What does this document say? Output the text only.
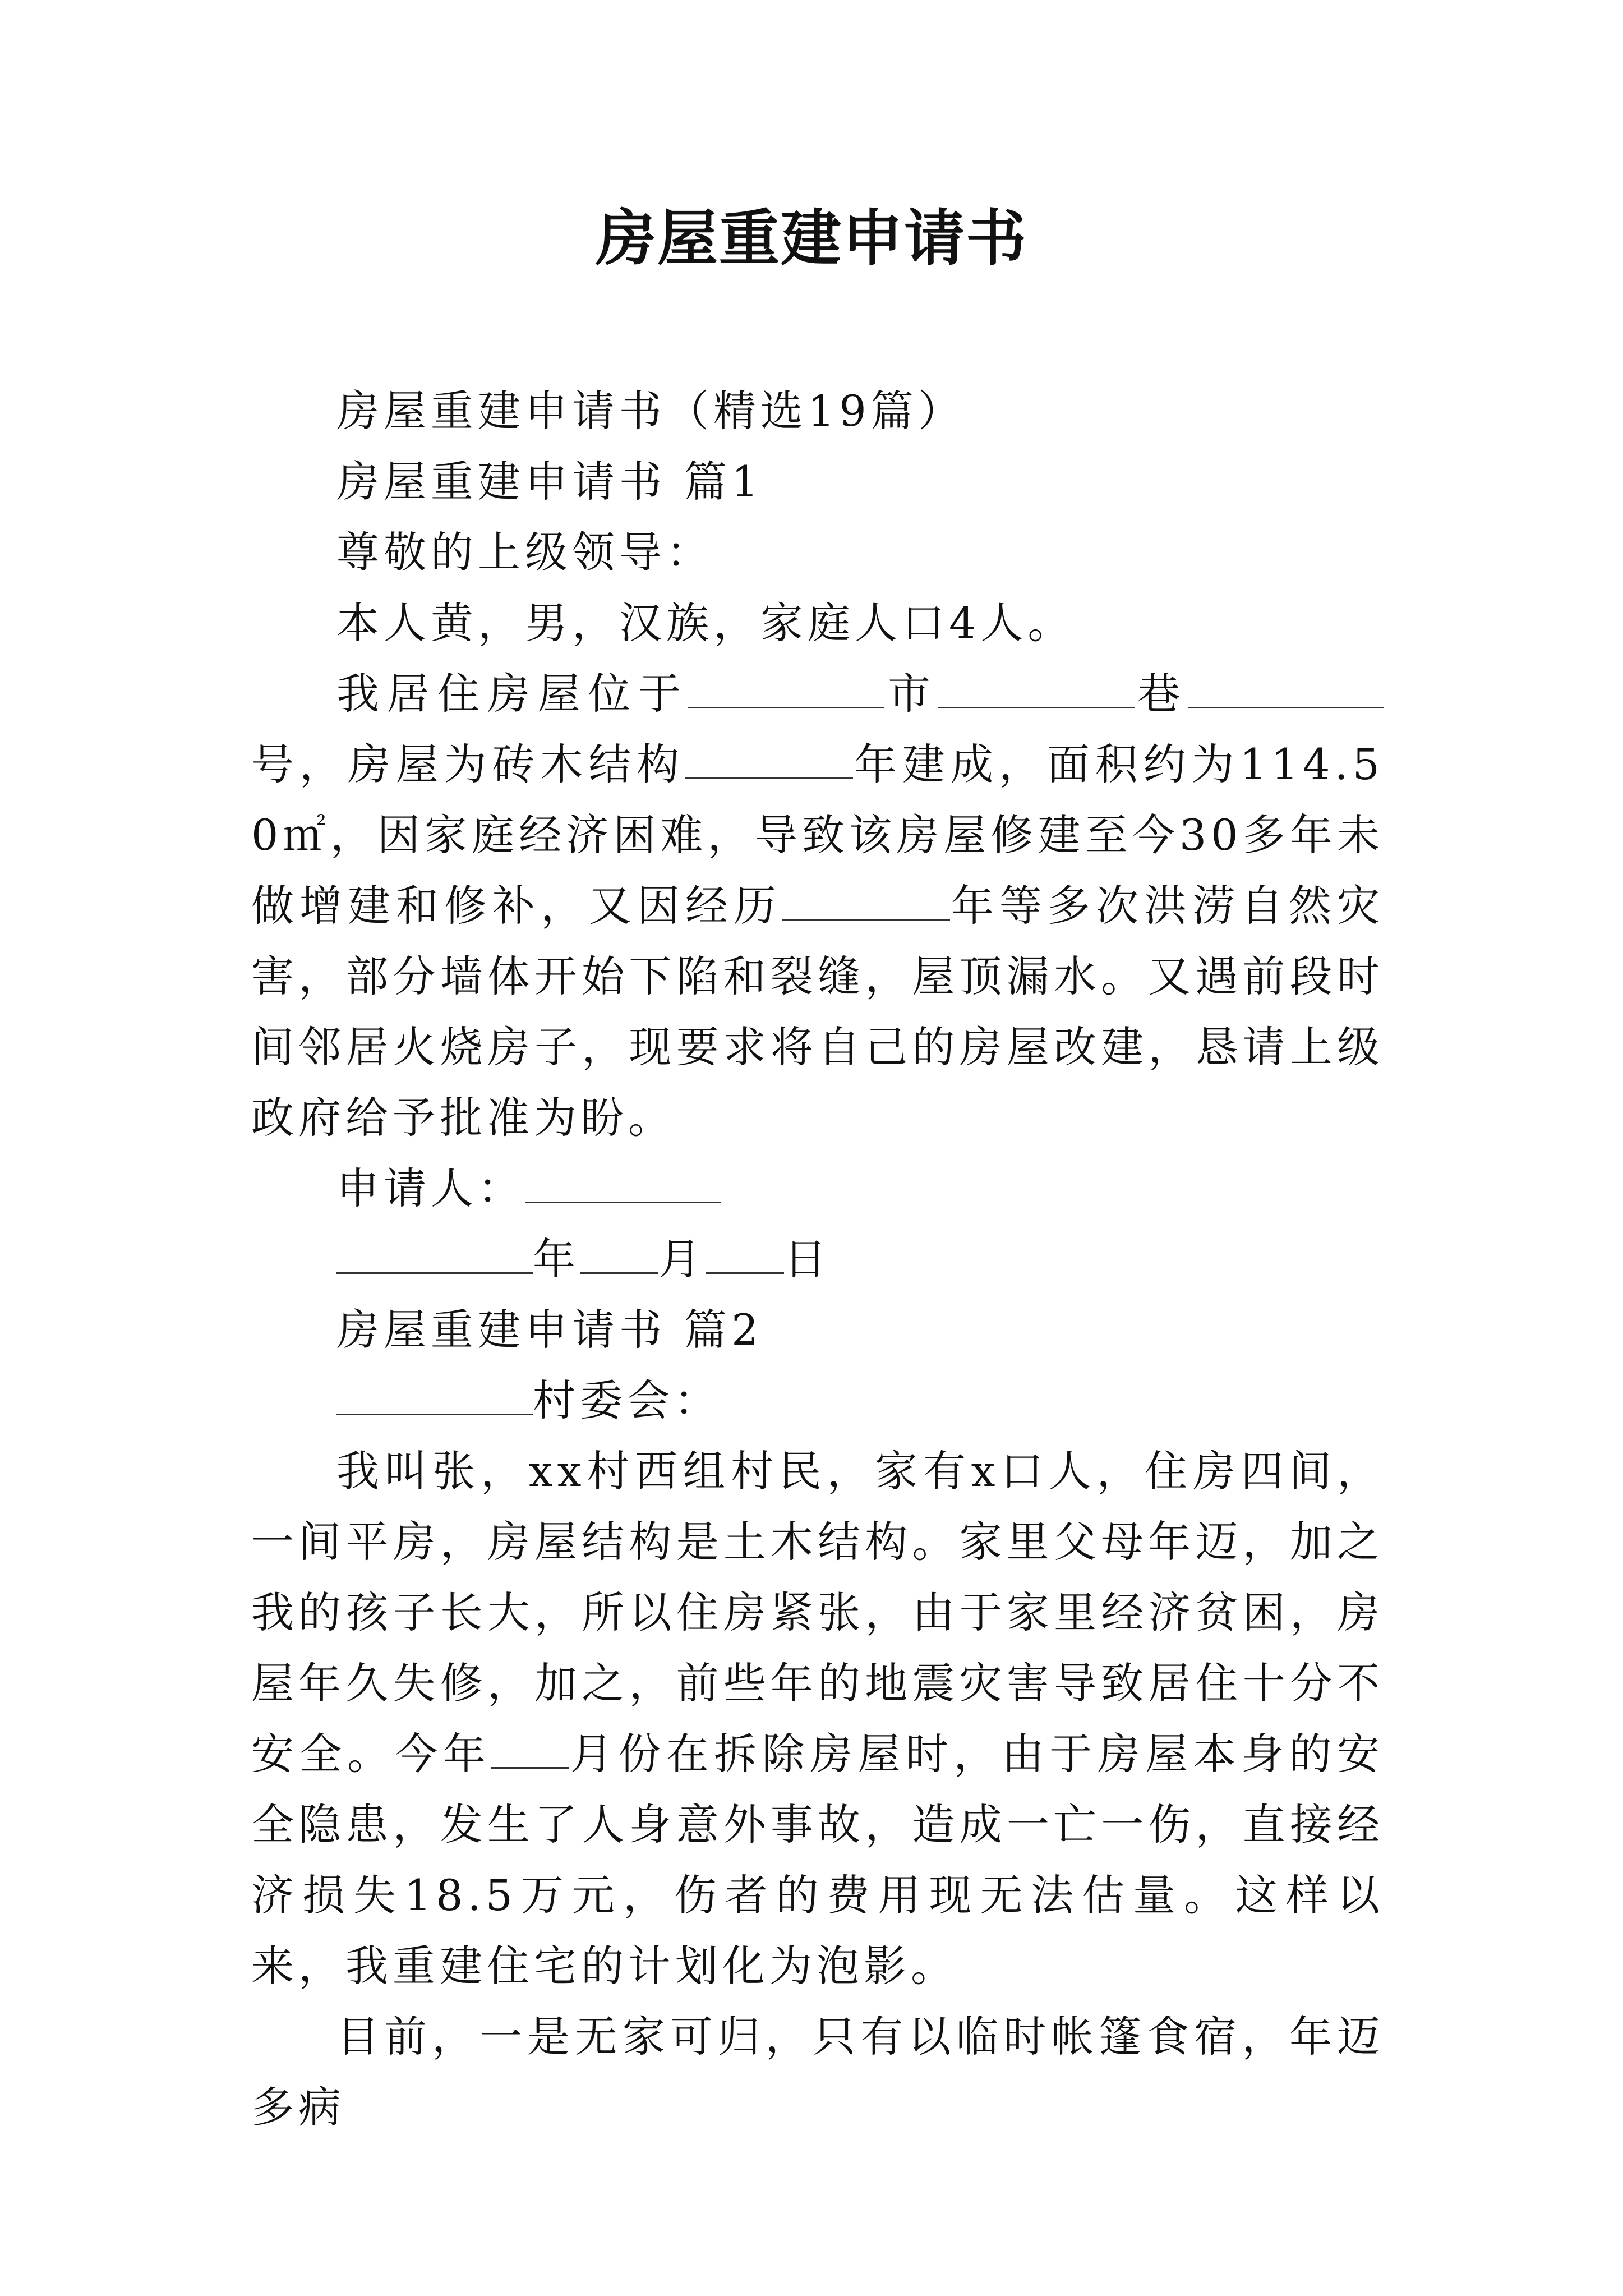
房屋重建申请书

房屋重建申请书（精选19篇）

房屋重建申请书 篇1

尊敬的上级领导：

本人黄，男，汉族，家庭人口4人。

我居住房屋位于	市	巷号，房屋为砖木结构	年建成，面积约为114.50㎡，因家庭经济困难，导致该房屋修建至今30多年未做增建和修补，又因经历	年等多次洪涝自然灾害，部分墙体开始下陷和裂缝，屋顶漏水。又遇前段时间邻居火烧房子，现要求将自己的房屋改建，恳请上级政府给予批准为盼。

申请人：

年 月 日

房屋重建申请书 篇2

村委会：

我叫张，xx村西组村民，家有x口人，住房四间，一间平房，房屋结构是土木结构。家里父母年迈，加之我的孩子长大，所以住房紧张，由于家里经济贫困，房屋年久失修，加之，前些年的地震灾害导致居住十分不安全。今年 月份在拆除房屋时，由于房屋本身的安全隐患，发生了人身意外事故，造成一亡一伤，直接经济损失18.5万元，伤者的费用现无法估量。这样以来，我重建住宅的计划化为泡影。

目前，一是无家可归，只有以临时帐篷食宿，年迈多病
